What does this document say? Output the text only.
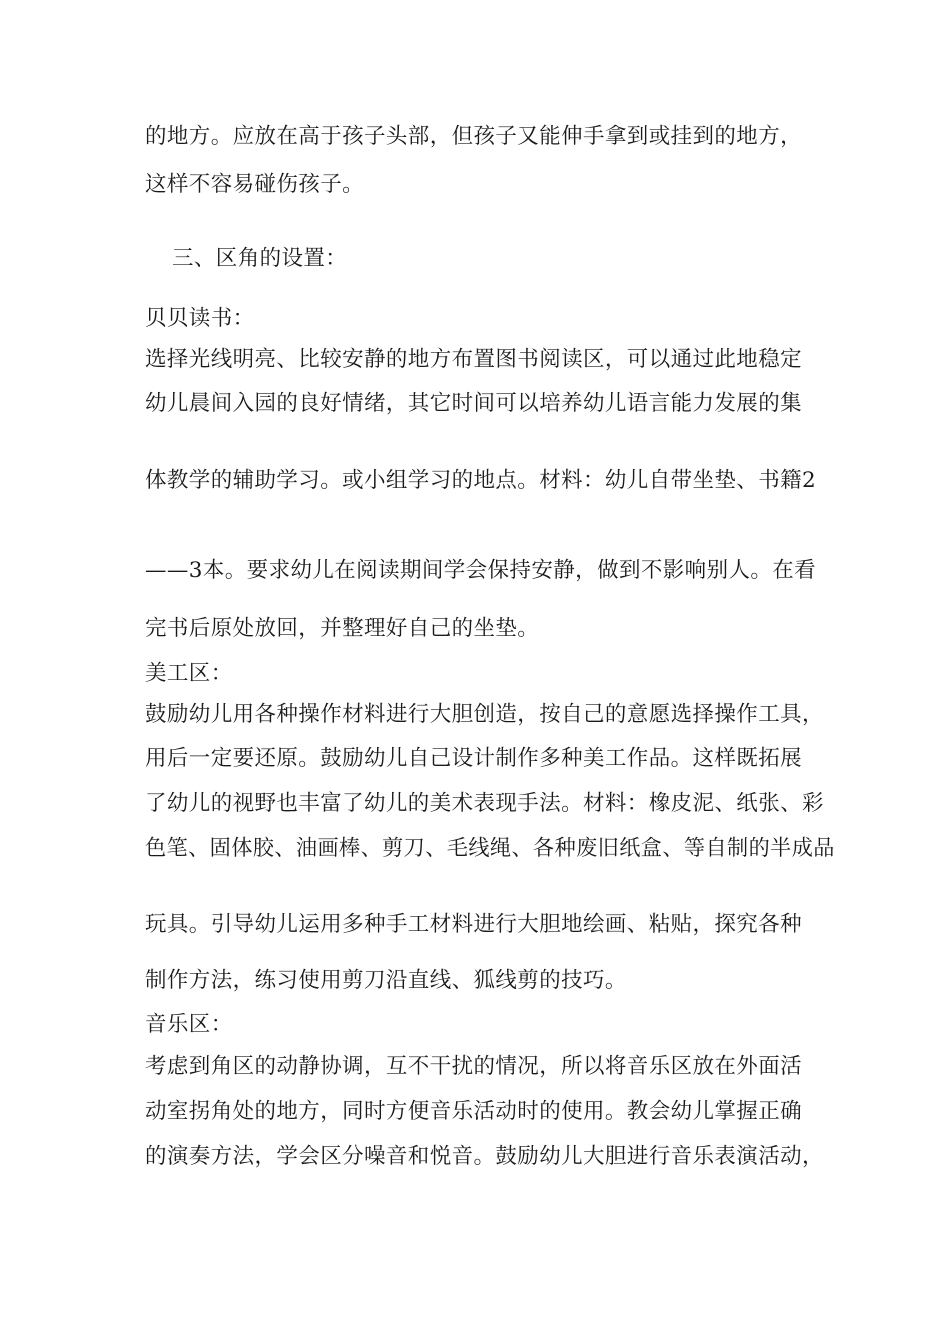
的地方。应放在高于孩子头部，但孩子又能伸手拿到或挂到的地方，
这样不容易碰伤孩子。
三、区角的设置：
贝贝读书：
选择光线明亮、比较安静的地方布置图书阅读区，可以通过此地稳定
幼儿晨间入园的良好情绪，其它时间可以培养幼儿语言能力发展的集
体教学的辅助学习。或小组学习的地点。材料：幼儿自带坐垫、书籍2
——3本。要求幼儿在阅读期间学会保持安静，做到不影响别人。在看
完书后原处放回，并整理好自己的坐垫。
美工区：
鼓励幼儿用各种操作材料进行大胆创造，按自己的意愿选择操作工具，
用后一定要还原。鼓励幼儿自己设计制作多种美工作品。这样既拓展
了幼儿的视野也丰富了幼儿的美术表现手法。材料：橡皮泥、纸张、彩
色笔、固体胶、油画棒、剪刀、毛线绳、各种废旧纸盒、等自制的半成品
玩具。引导幼儿运用多种手工材料进行大胆地绘画、粘贴，探究各种
制作方法，练习使用剪刀沿直线、狐线剪的技巧。
音乐区：
考虑到角区的动静协调，互不干扰的情况，所以将音乐区放在外面活
动室拐角处的地方，同时方便音乐活动时的使用。教会幼儿掌握正确
的演奏方法，学会区分噪音和悦音。鼓励幼儿大胆进行音乐表演活动，
